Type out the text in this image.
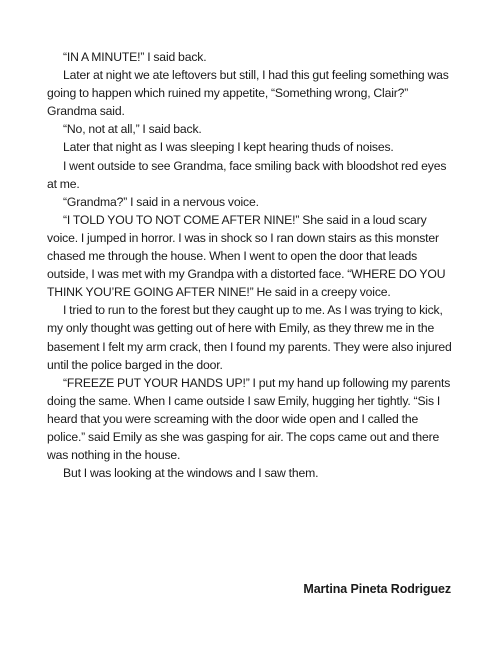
“IN A MINUTE!” I said back.

Later at night we ate leftovers but still, I had this gut feeling something was going to happen which ruined my appetite, “Something wrong, Clair?” Grandma said.

“No, not at all,” I said back.

Later that night as I was sleeping I kept hearing thuds of noises.

I went outside to see Grandma, face smiling back with bloodshot red eyes at me.

“Grandma?” I said in a nervous voice.

“I TOLD YOU TO NOT COME AFTER NINE!” She said in a loud scary voice. I jumped in horror. I was in shock so I ran down stairs as this monster chased me through the house. When I went to open the door that leads outside, I was met with my Grandpa with a distorted face. “WHERE DO YOU THINK YOU’RE GOING AFTER NINE!” He said in a creepy voice.

I tried to run to the forest but they caught up to me. As I was trying to kick, my only thought was getting out of here with Emily, as they threw me in the basement I felt my arm crack, then I found my parents. They were also injured until the police barged in the door.

“FREEZE PUT YOUR HANDS UP!” I put my hand up following my parents doing the same. When I came outside I saw Emily, hugging her tightly. “Sis I heard that you were screaming with the door wide open and I called the police.” said Emily as she was gasping for air. The cops came out and there was nothing in the house.

But I was looking at the windows and I saw them.

Martina Pineta Rodriguez
